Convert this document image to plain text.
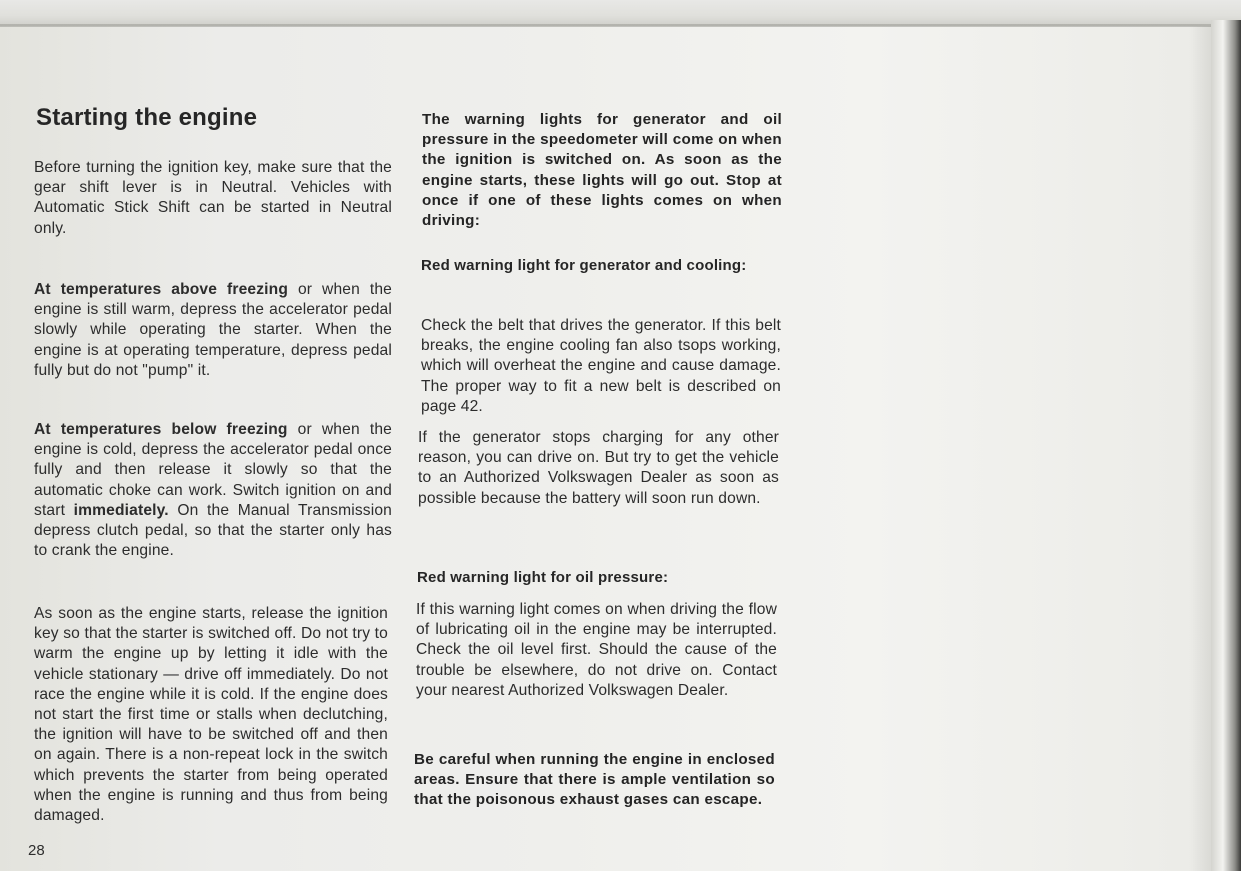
Starting the engine

Before turning the ignition key, make sure that the gear shift lever is in Neutral. Vehicles with Automatic Stick Shift can be started in Neutral only.

At temperatures above freezing or when the engine is still warm, depress the accelerator pedal slowly while operating the starter. When the engine is at operating temperature, depress pedal fully but do not "pump" it.

At temperatures below freezing or when the engine is cold, depress the accelerator pedal once fully and then release it slowly so that the automatic choke can work. Switch ignition on and start immediately. On the Manual Transmission depress clutch pedal, so that the starter only has to crank the engine.

As soon as the engine starts, release the ignition key so that the starter is switched off. Do not try to warm the engine up by letting it idle with the vehicle stationary — drive off immediately. Do not race the engine while it is cold. If the engine does not start the first time or stalls when declutching, the ignition will have to be switched off and then on again. There is a non-repeat lock in the switch which prevents the starter from being operated when the engine is running and thus from being damaged.

The warning lights for generator and oil pressure in the speedometer will come on when the ignition is switched on. As soon as the engine starts, these lights will go out. Stop at once if one of these lights comes on when driving:

Red warning light for generator and cooling:

Check the belt that drives the generator. If this belt breaks, the engine cooling fan also tsops working, which will overheat the engine and cause damage. The proper way to fit a new belt is described on page 42.

If the generator stops charging for any other reason, you can drive on. But try to get the vehicle to an Authorized Volkswagen Dealer as soon as possible because the battery will soon run down.

Red warning light for oil pressure:

If this warning light comes on when driving the flow of lubricating oil in the engine may be interrupted. Check the oil level first. Should the cause of the trouble be elsewhere, do not drive on. Contact your nearest Authorized Volkswagen Dealer.

Be careful when running the engine in enclosed areas. Ensure that there is ample ventilation so that the poisonous exhaust gases can escape.

28
